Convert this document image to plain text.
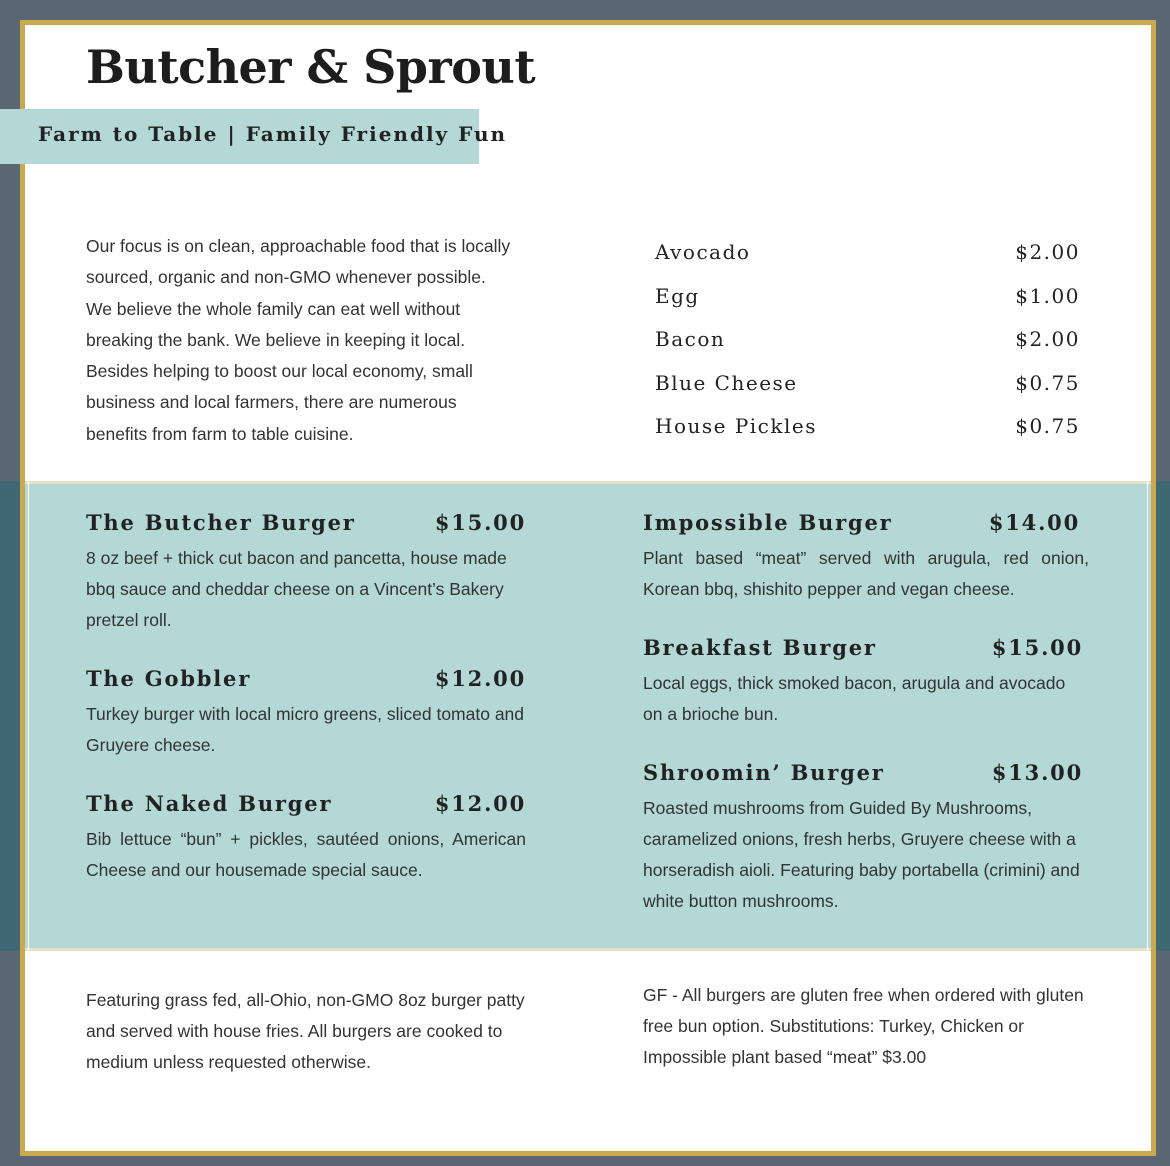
Butcher & Sprout
Farm to Table | Family Friendly Fun

Our focus is on clean, approachable food that is locally sourced, organic and non-GMO whenever possible. We believe the whole family can eat well without breaking the bank. We believe in keeping it local. Besides helping to boost our local economy, small business and local farmers, there are numerous benefits from farm to table cuisine.

Avocado	$2.00
Egg	$1.00
Bacon	$2.00
Blue Cheese	$0.75
House Pickles	$0.75
The Butcher Burger	$15.00

8 oz beef + thick cut bacon and pancetta, house made bbq sauce and cheddar cheese on a Vincent’s Bakery pretzel roll.

The Gobbler	$12.00

Turkey burger with local micro greens, sliced tomato and Gruyere cheese.

The Naked Burger	$12.00

Bib lettuce “bun” + pickles, sautéed onions, American Cheese and our housemade special sauce.

Impossible Burger	$14.00

Plant based “meat” served with arugula, red onion, Korean bbq, shishito pepper and vegan cheese.

Breakfast Burger	$15.00

Local eggs, thick smoked bacon, arugula and avocado on a brioche bun.

Shroomin’ Burger	$13.00

Roasted mushrooms from Guided By Mushrooms, caramelized onions, fresh herbs, Gruyere cheese with a horseradish aioli. Featuring baby portabella (crimini) and white button mushrooms.

Featuring grass fed, all-Ohio, non-GMO 8oz burger patty and served with house fries. All burgers are cooked to medium unless requested otherwise.

GF - All burgers are gluten free when ordered with gluten free bun option. Substitutions: Turkey, Chicken or Impossible plant based “meat” $3.00
